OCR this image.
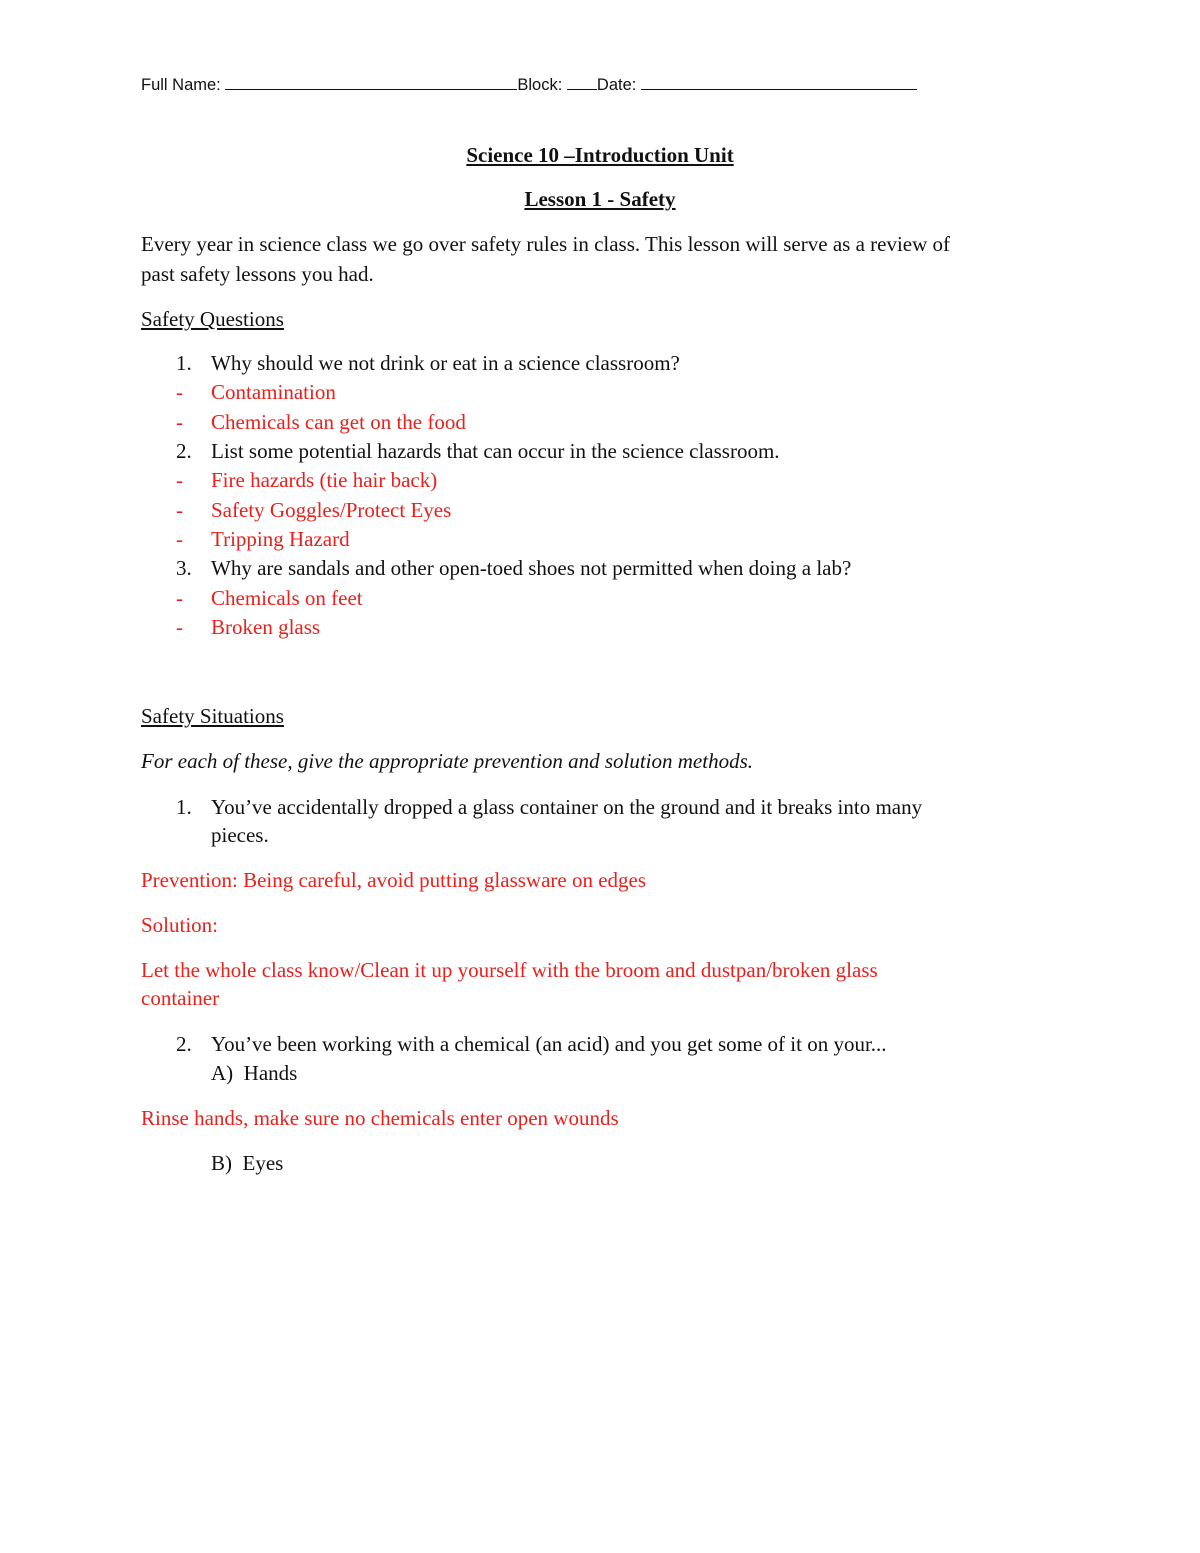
Full Name:	Block: Date:
Science 10 –Introduction Unit
Lesson 1 - Safety
Every year in science class we go over safety rules in class. This lesson will serve as a review of
past safety lessons you had.
Safety Questions
1. Why should we not drink or eat in a science classroom?
- Contamination
- Chemicals can get on the food
2. List some potential hazards that can occur in the science classroom.
- Fire hazards (tie hair back)
- Safety Goggles/Protect Eyes
- Tripping Hazard
3. Why are sandals and other open-toed shoes not permitted when doing a lab?
- Chemicals on feet
- Broken glass
Safety Situations
For each of these, give the appropriate prevention and solution methods.
1. You’ve accidentally dropped a glass container on the ground and it breaks into many
pieces.
Prevention: Being careful, avoid putting glassware on edges
Solution:
Let the whole class know/Clean it up yourself with the broom and dustpan/broken glass
container
2. You’ve been working with a chemical (an acid) and you get some of it on your...
A) Hands
Rinse hands, make sure no chemicals enter open wounds
B) Eyes
